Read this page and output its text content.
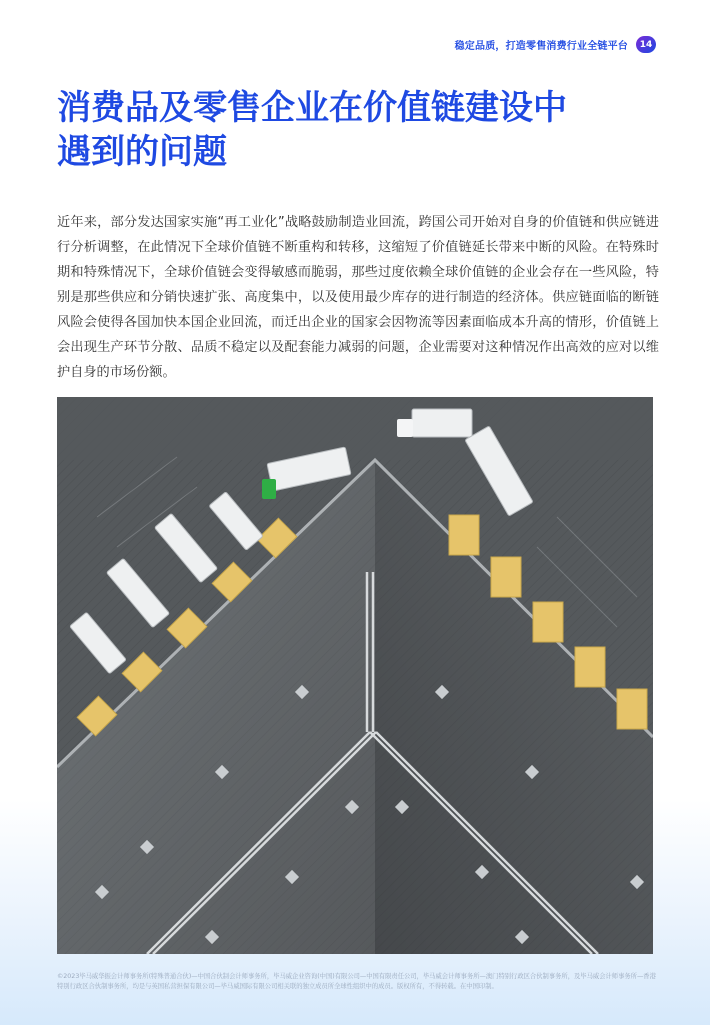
稳定品质，打造零售消费行业全链平台	14
消费品及零售企业在价值链建设中
遇到的问题

近年来，部分发达国家实施“再工业化”战略鼓励制造业回流，跨国公司开始对自身的价值链和供应链进行分析调整，在此情况下全球价值链不断重构和转移，这缩短了价值链延长带来中断的风险。在特殊时期和特殊情况下，全球价值链会变得敏感而脆弱，那些过度依赖全球价值链的企业会存在一些风险，特别是那些供应和分销快速扩张、高度集中，以及使用最少库存的进行制造的经济体。供应链面临的断链风险会使得各国加快本国企业回流，而迁出企业的国家会因物流等因素面临成本升高的情形，价值链上会出现生产环节分散、品质不稳定以及配套能力减弱的问题，企业需要对这种情况作出高效的应对以维护自身的市场份额。

©2023毕马威华振会计师事务所(特殊普通合伙)—中国合伙制会计师事务所，毕马威企业咨询(中国)有限公司—中国有限责任公司，毕马威会计师事务所—澳门特别行政区合伙制事务所，及毕马威会计师事务所—香港特别行政区合伙制事务所，均是与英国私营担保有限公司—毕马威国际有限公司相关联的独立成员所全球性组织中的成员。版权所有，不得转载。在中国印制。
